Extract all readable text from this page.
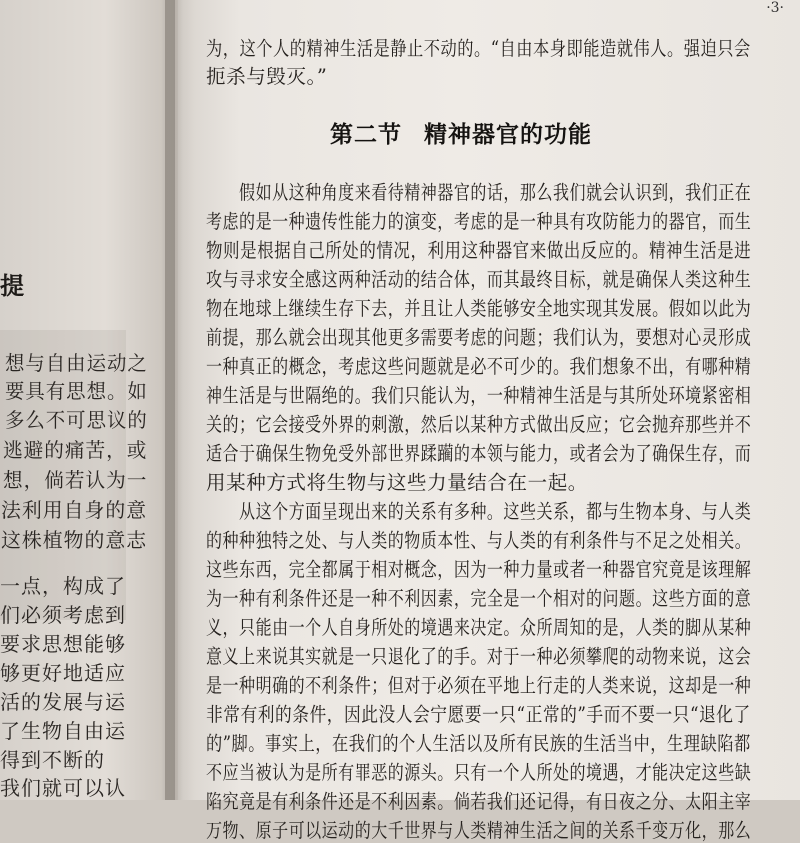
提
想与自由运动之
要具有思想。如
多么不可思议的
逃避的痛苦，或
想，倘若认为一
法利用自身的意
这株植物的意志
一点，构成了
们必须考虑到
要求思想能够
够更好地适应
活的发展与运
了生物自由运
得到不断的
我们就可以认
·3·
为，这个人的精神生活是静止不动的。“自由本身即能造就伟人。强迫只会
扼杀与毁灭。”
第二节 精神器官的功能
　　假如从这种角度来看待精神器官的话，那么我们就会认识到，我们正在
考虑的是一种遗传性能力的演变，考虑的是一种具有攻防能力的器官，而生
物则是根据自己所处的情况，利用这种器官来做出反应的。精神生活是进
攻与寻求安全感这两种活动的结合体，而其最终目标，就是确保人类这种生
物在地球上继续生存下去，并且让人类能够安全地实现其发展。假如以此为
前提，那么就会出现其他更多需要考虑的问题；我们认为，要想对心灵形成
一种真正的概念，考虑这些问题就是必不可少的。我们想象不出，有哪种精
神生活是与世隔绝的。我们只能认为，一种精神生活是与其所处环境紧密相
关的；它会接受外界的刺激，然后以某种方式做出反应；它会抛弃那些并不
适合于确保生物免受外部世界蹂躏的本领与能力，或者会为了确保生存，而
用某种方式将生物与这些力量结合在一起。
　　从这个方面呈现出来的关系有多种。这些关系，都与生物本身、与人类
的种种独特之处、与人类的物质本性、与人类的有利条件与不足之处相关。
这些东西，完全都属于相对概念，因为一种力量或者一种器官究竟是该理解
为一种有利条件还是一种不利因素，完全是一个相对的问题。这些方面的意
义，只能由一个人自身所处的境遇来决定。众所周知的是，人类的脚从某种
意义上来说其实就是一只退化了的手。对于一种必须攀爬的动物来说，这会
是一种明确的不利条件；但对于必须在平地上行走的人类来说，这却是一种
非常有利的条件，因此没人会宁愿要一只“正常的”手而不要一只“退化了
的”脚。事实上，在我们的个人生活以及所有民族的生活当中，生理缺陷都
不应当被认为是所有罪恶的源头。只有一个人所处的境遇，才能决定这些缺
陷究竟是有利条件还是不利因素。倘若我们还记得，有日夜之分、太阳主宰
万物、原子可以运动的大千世界与人类精神生活之间的关系千变万化，那么
